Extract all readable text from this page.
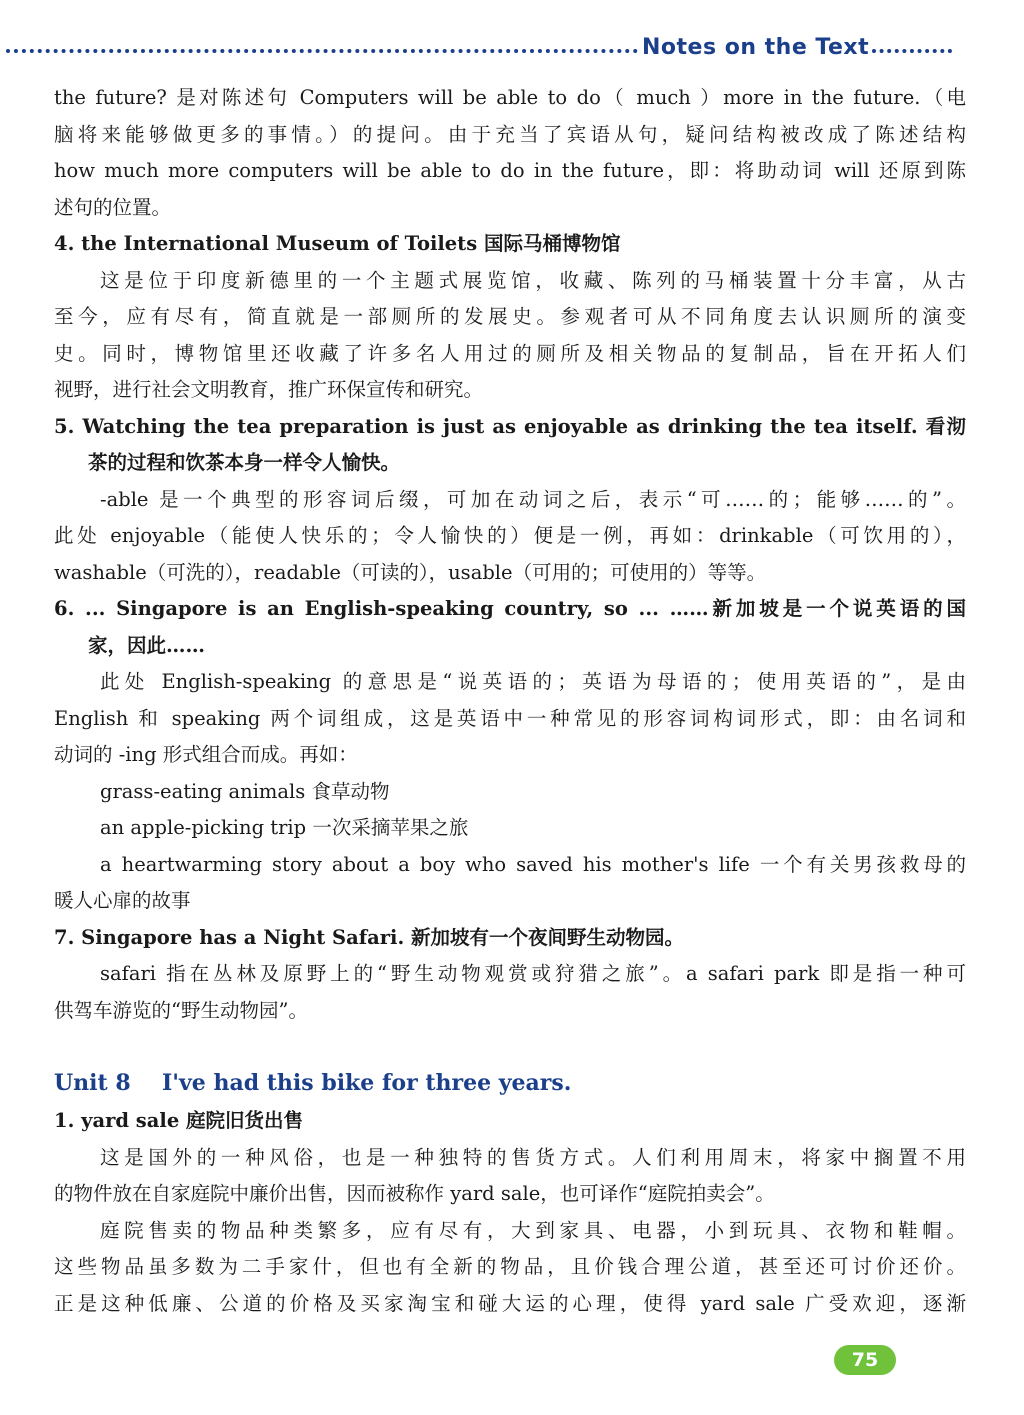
Notes on the Text
the future? 是对陈述句 Computers will be able to do（ much ）more in the future.（电
脑将来能够做更多的事情。）的提问。由于充当了宾语从句，疑问结构被改成了陈述结构
how much more computers will be able to do in the future，即：将助动词 will 还原到陈
述句的位置。
4. the International Museum of Toilets 国际马桶博物馆
这是位于印度新德里的一个主题式展览馆，收藏、陈列的马桶装置十分丰富，从古
至今，应有尽有，简直就是一部厕所的发展史。参观者可从不同角度去认识厕所的演变
史。同时，博物馆里还收藏了许多名人用过的厕所及相关物品的复制品，旨在开拓人们
视野，进行社会文明教育，推广环保宣传和研究。
5. Watching the tea preparation is just as enjoyable as drinking the tea itself. 看沏
茶的过程和饮茶本身一样令人愉快。
-able 是一个典型的形容词后缀，可加在动词之后，表示“可……的；能够……的”。
此处 enjoyable（能使人快乐的；令人愉快的）便是一例，再如：drinkable（可饮用的），
washable（可洗的），readable（可读的），usable（可用的；可使用的）等等。
6. ... Singapore is an English-speaking country, so ... ……新加坡是一个说英语的国
家，因此……
此处 English-speaking 的意思是“说英语的；英语为母语的；使用英语的”，是由
English 和 speaking 两个词组成，这是英语中一种常见的形容词构词形式，即：由名词和
动词的 -ing 形式组合而成。再如：
grass-eating animals 食草动物
an apple-picking trip 一次采摘苹果之旅
a heartwarming story about a boy who saved his mother's life 一个有关男孩救母的
暖人心扉的故事
7. Singapore has a Night Safari. 新加坡有一个夜间野生动物园。
safari 指在丛林及原野上的“野生动物观赏或狩猎之旅”。a safari park 即是指一种可
供驾车游览的“野生动物园”。
Unit 8 I've had this bike for three years.
1. yard sale 庭院旧货出售
这是国外的一种风俗，也是一种独特的售货方式。人们利用周末，将家中搁置不用
的物件放在自家庭院中廉价出售，因而被称作 yard sale，也可译作“庭院拍卖会”。
庭院售卖的物品种类繁多，应有尽有，大到家具、电器，小到玩具、衣物和鞋帽。
这些物品虽多数为二手家什，但也有全新的物品，且价钱合理公道，甚至还可讨价还价。
正是这种低廉、公道的价格及买家淘宝和碰大运的心理，使得 yard sale 广受欢迎，逐渐
75
